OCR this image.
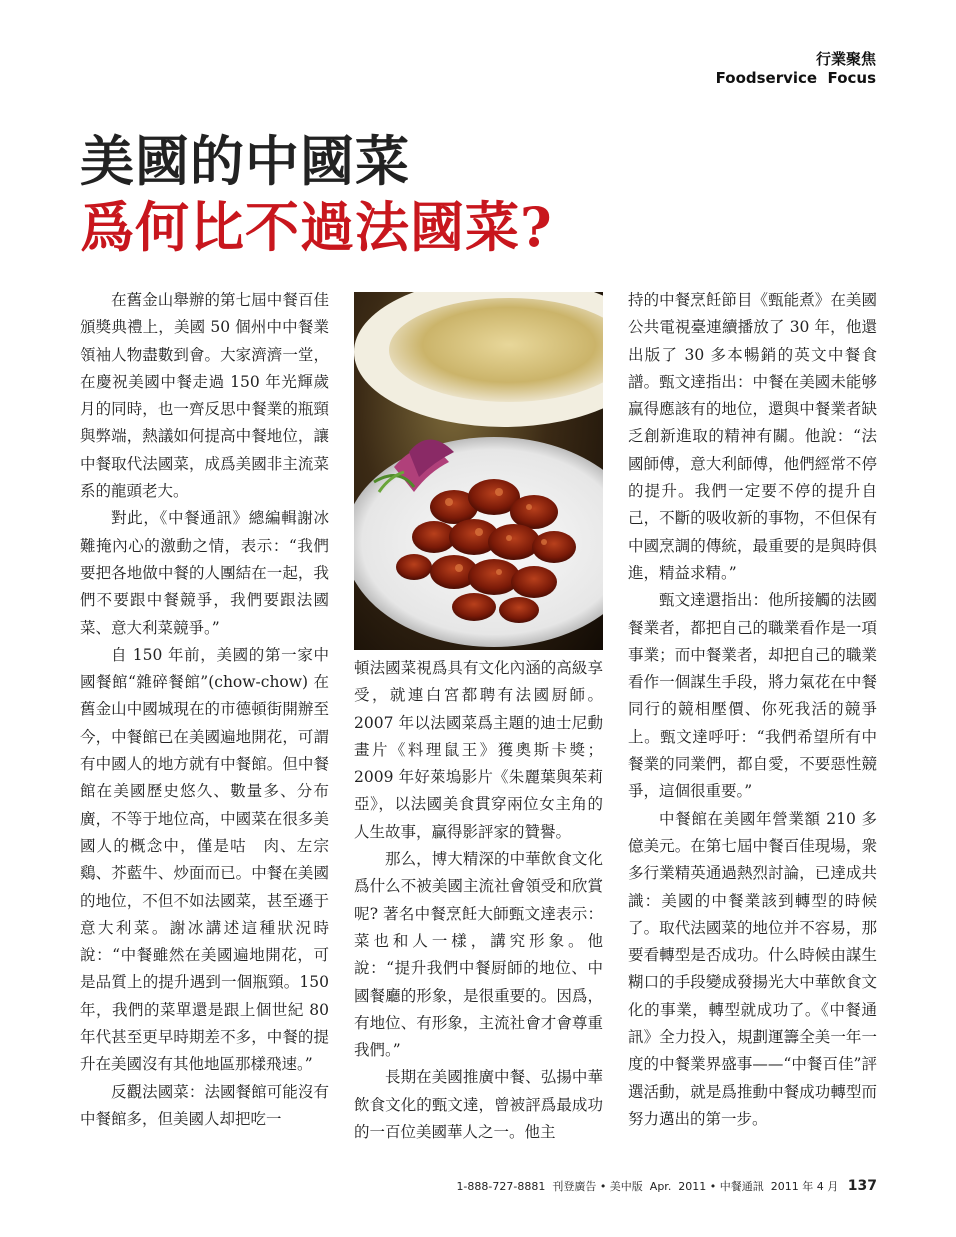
行業聚焦
Foodservice  Focus
美國的中國菜
爲何比不過法國菜?

在舊金山舉辦的第七屆中餐百佳頒獎典禮上，美國 50 個州中中餐業領袖人物盡數到會。大家濟濟一堂，在慶祝美國中餐走過 150 年光輝歲月的同時，也一齊反思中餐業的瓶頸與弊端，熱議如何提高中餐地位，讓中餐取代法國菜，成爲美國非主流菜系的龍頭老大。

對此，《中餐通訊》總編輯謝冰難掩內心的激動之情，表示：“我們要把各地做中餐的人團結在一起，我們不要跟中餐競爭，我們要跟法國菜、意大利菜競爭。”

自 150 年前，美國的第一家中國餐館“雜碎餐館”(chow-chow) 在舊金山中國城現在的市德頓街開辦至今，中餐館已在美國遍地開花，可謂有中國人的地方就有中餐館。但中餐館在美國歷史悠久、數量多、分布廣，不等于地位高，中國菜在很多美國人的概念中，僅是咕　肉、左宗鷄、芥藍牛、炒面而已。中餐在美國的地位，不但不如法國菜，甚至遜于意大利菜。謝冰講述這種狀況時說：“中餐雖然在美國遍地開花，可是品質上的提升遇到一個瓶頸。150 年，我們的菜單還是跟上個世紀 80 年代甚至更早時期差不多，中餐的提升在美國沒有其他地區那樣飛速。”

反觀法國菜：法國餐館可能沒有中餐館多，但美國人却把吃一

頓法國菜視爲具有文化內涵的高級享受，就連白宮都聘有法國厨師。2007 年以法國菜爲主題的迪士尼動畫片《料理鼠王》獲奧斯卡獎；2009 年好萊塢影片《朱麗葉與茱莉亞》，以法國美食貫穿兩位女主角的人生故事，贏得影評家的贊譽。

那么，博大精深的中華飲食文化爲什么不被美國主流社會領受和欣賞呢? 著名中餐烹飪大師甄文達表示：菜也和人一樣，講究形象。他說：“提升我們中餐厨師的地位、中國餐廳的形象，是很重要的。因爲，有地位、有形象，主流社會才會尊重我們。”

長期在美國推廣中餐、弘揚中華飲食文化的甄文達，曾被評爲最成功的一百位美國華人之一。他主

持的中餐烹飪節目《甄能煮》在美國公共電視臺連續播放了 30 年，他還出版了 30 多本暢銷的英文中餐食譜。甄文達指出：中餐在美國未能够赢得應該有的地位，還與中餐業者缺乏創新進取的精神有關。他說：“法國師傅，意大利師傅，他們經常不停的提升。我們一定要不停的提升自己，不斷的吸收新的事物，不但保有中國烹調的傳統，最重要的是與時俱進，精益求精。”

甄文達還指出：他所接觸的法國餐業者，都把自己的職業看作是一項事業；而中餐業者，却把自己的職業看作一個謀生手段，將力氣花在中餐同行的競相壓價、你死我活的競爭上。甄文達呼吁：“我們希望所有中餐業的同業們，都自愛，不要惡性競爭，這個很重要。”

中餐館在美國年營業額 210 多億美元。在第七屆中餐百佳現場，衆多行業精英通過熱烈討論，已達成共識：美國的中餐業該到轉型的時候了。取代法國菜的地位并不容易，那要看轉型是否成功。什么時候由謀生糊口的手段變成發揚光大中華飲食文化的事業，轉型就成功了。《中餐通訊》全力投入，規劃運籌全美一年一度的中餐業界盛事——“中餐百佳”評選活動，就是爲推動中餐成功轉型而努力邁出的第一步。

1-888-727-8881  刊登廣告 • 美中版  Apr.  2011 • 中餐通訊  2011 年 4 月 137
